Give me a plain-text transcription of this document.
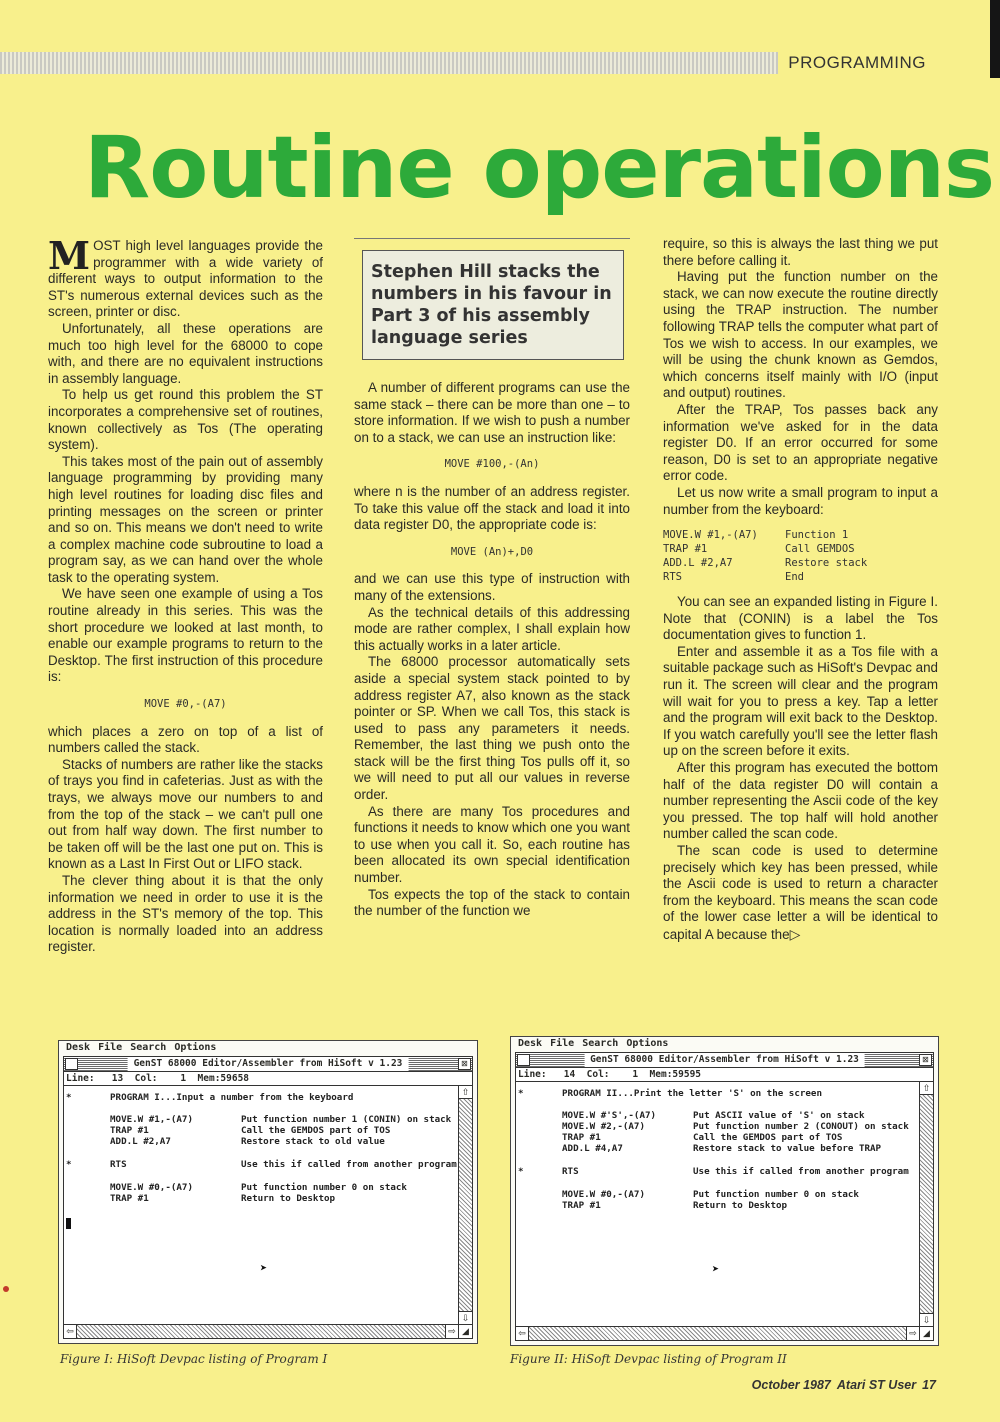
PROGRAMMING
Routine operations

MOST high level languages provide the programmer with a wide variety of different ways to output information to the ST's numerous external devices such as the screen, printer or disc.

Unfortunately, all these operations are much too high level for the 68000 to cope with, and there are no equivalent instructions in assembly language.

To help us get round this problem the ST incorporates a comprehensive set of routines, known collectively as Tos (The operating system).

This takes most of the pain out of assembly language programming by providing many high level routines for loading disc files and printing messages on the screen or printer and so on. This means we don't need to write a complex machine code subroutine to load a program say, as we can hand over the whole task to the operating system.

We have seen one example of using a Tos routine already in this series. This was the short procedure we looked at last month, to enable our example programs to return to the Desktop. The first instruction of this procedure is:

MOVE #0,-(A7)

which places a zero on top of a list of numbers called the stack.

Stacks of numbers are rather like the stacks of trays you find in cafeterias. Just as with the trays, we always move our numbers to and from the top of the stack – we can't pull one out from half way down. The first number to be taken off will be the last one put on. This is known as a Last In First Out or LIFO stack.

The clever thing about it is that the only information we need in order to use it is the address in the ST's memory of the top. This location is normally loaded into an address register.

Stephen Hill stacks the numbers in his favour in Part 3 of his assembly language series

A number of different programs can use the same stack – there can be more than one – to store information. If we wish to push a number on to a stack, we can use an instruction like:

MOVE #100,-(An)

where n is the number of an address register. To take this value off the stack and load it into data register D0, the appropriate code is:

MOVE (An)+,D0

and we can use this type of instruction with many of the extensions.

As the technical details of this addressing mode are rather complex, I shall explain how this actually works in a later article.

The 68000 processor automatically sets aside a special system stack pointed to by address register A7, also known as the stack pointer or SP. When we call Tos, this stack is used to pass any parameters it needs. Remember, the last thing we push onto the stack will be the first thing Tos pulls off it, so we will need to put all our values in reverse order.

As there are many Tos procedures and functions it needs to know which one you want to use when you call it. So, each routine has been allocated its own special identification number.

Tos expects the top of the stack to contain the number of the function we

require, so this is always the last thing we put there before calling it.

Having put the function number on the stack, we can now execute the routine directly using the TRAP instruction. The number following TRAP tells the computer what part of Tos we wish to access. In our examples, we will be using the chunk known as Gemdos, which concerns itself mainly with I/O (input and output) routines.

After the TRAP, Tos passes back any information we've asked for in the data register D0. If an error occurred for some reason, D0 is set to an appropriate negative error code.

Let us now write a small program to input a number from the keyboard:

MOVE.W #1,-(A7)	Function 1
TRAP #1	Call GEMDOS
ADD.L #2,A7	Restore stack
RTS	End

You can see an expanded listing in Figure I. Note that (CONIN) is a label the Tos documentation gives to function 1.

Enter and assemble it as a Tos file with a suitable package such as HiSoft's Devpac and run it. The screen will clear and the program will wait for you to press a key. Tap a letter and the program will exit back to the Desktop. If you watch carefully you'll see the letter flash up on the screen before it exits.

After this program has executed the bottom half of the data register D0 will contain a number representing the Ascii code of the key you pressed. The top half will hold another number called the scan code.

The scan code is used to determine precisely which key has been pressed, while the Ascii code is used to return a character from the keyboard. This means the scan code of the lower case letter a will be identical to capital A because the▷

Desk File Search Options
GenST 68000 Editor/Assembler from HiSoft v 1.23	⊠
Line:   13  Col:    1  Mem:59658
*	PROGRAM I...Input a number from the keyboard
MOVE.W #1,-(A7)	Put function number 1 (CONIN) on stack
TRAP #1	Call the GEMDOS part of TOS
ADD.L #2,A7	Restore stack to old value
*	RTS	Use this if called from another program
MOVE.W #0,-(A7)	Put function number 0 on stack
TRAP #1	Return to Desktop
➤
⇧
⇩
⇦	⇨ ◢
Desk File Search Options
GenST 68000 Editor/Assembler from HiSoft v 1.23	⊠
Line:   14  Col:    1  Mem:59595
*	PROGRAM II...Print the letter 'S' on the screen
MOVE.W #'S',-(A7)	Put ASCII value of 'S' on stack
MOVE.W #2,-(A7)	Put function number 2 (CONOUT) on stack
TRAP #1	Call the GEMDOS part of TOS
ADD.L #4,A7	Restore stack to value before TRAP
*	RTS	Use this if called from another program
MOVE.W #0,-(A7)	Put function number 0 on stack
TRAP #1	Return to Desktop
➤
⇧
⇩
⇦	⇨ ◢
Figure I: HiSoft Devpac listing of Program I	Figure II: HiSoft Devpac listing of Program II
October 1987 Atari ST User 17
